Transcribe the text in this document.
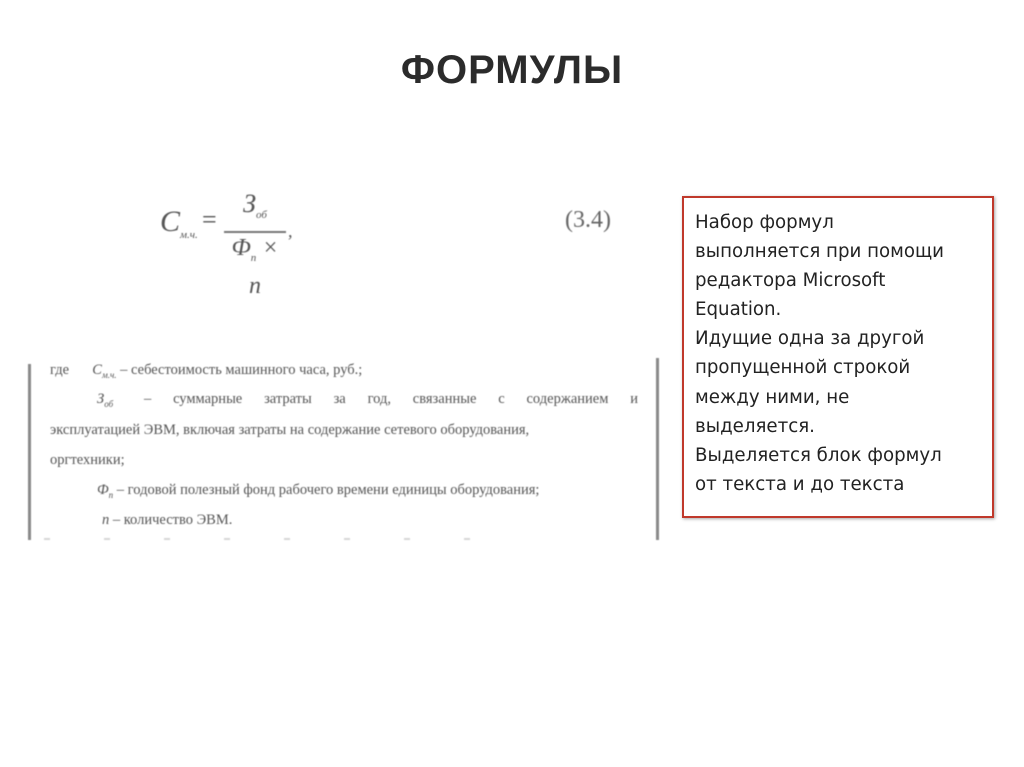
ФОРМУЛЫ
$С_{м.ч.}$
=
$З_{об}$
$Ф_п \times n$
,	(3.4)
где $С_{м.ч.}$ – себестоимость машинного часа, руб.;
$З_{об}$ – суммарные затраты за год, связанные с содержанием и
эксплуатацией ЭВМ, включая затраты на содержание сетевого оборудования,
оргтехники;
$Ф_п$ – годовой полезный фонд рабочего времени единицы оборудования;
n – количество ЭВМ.

Набор формул

выполняется при помощи

редактора Microsoft

Equation.

Идущие одна за другой

пропущенной строкой

между ними, не

выделяется.

Выделяется блок формул

от текста и до текста
